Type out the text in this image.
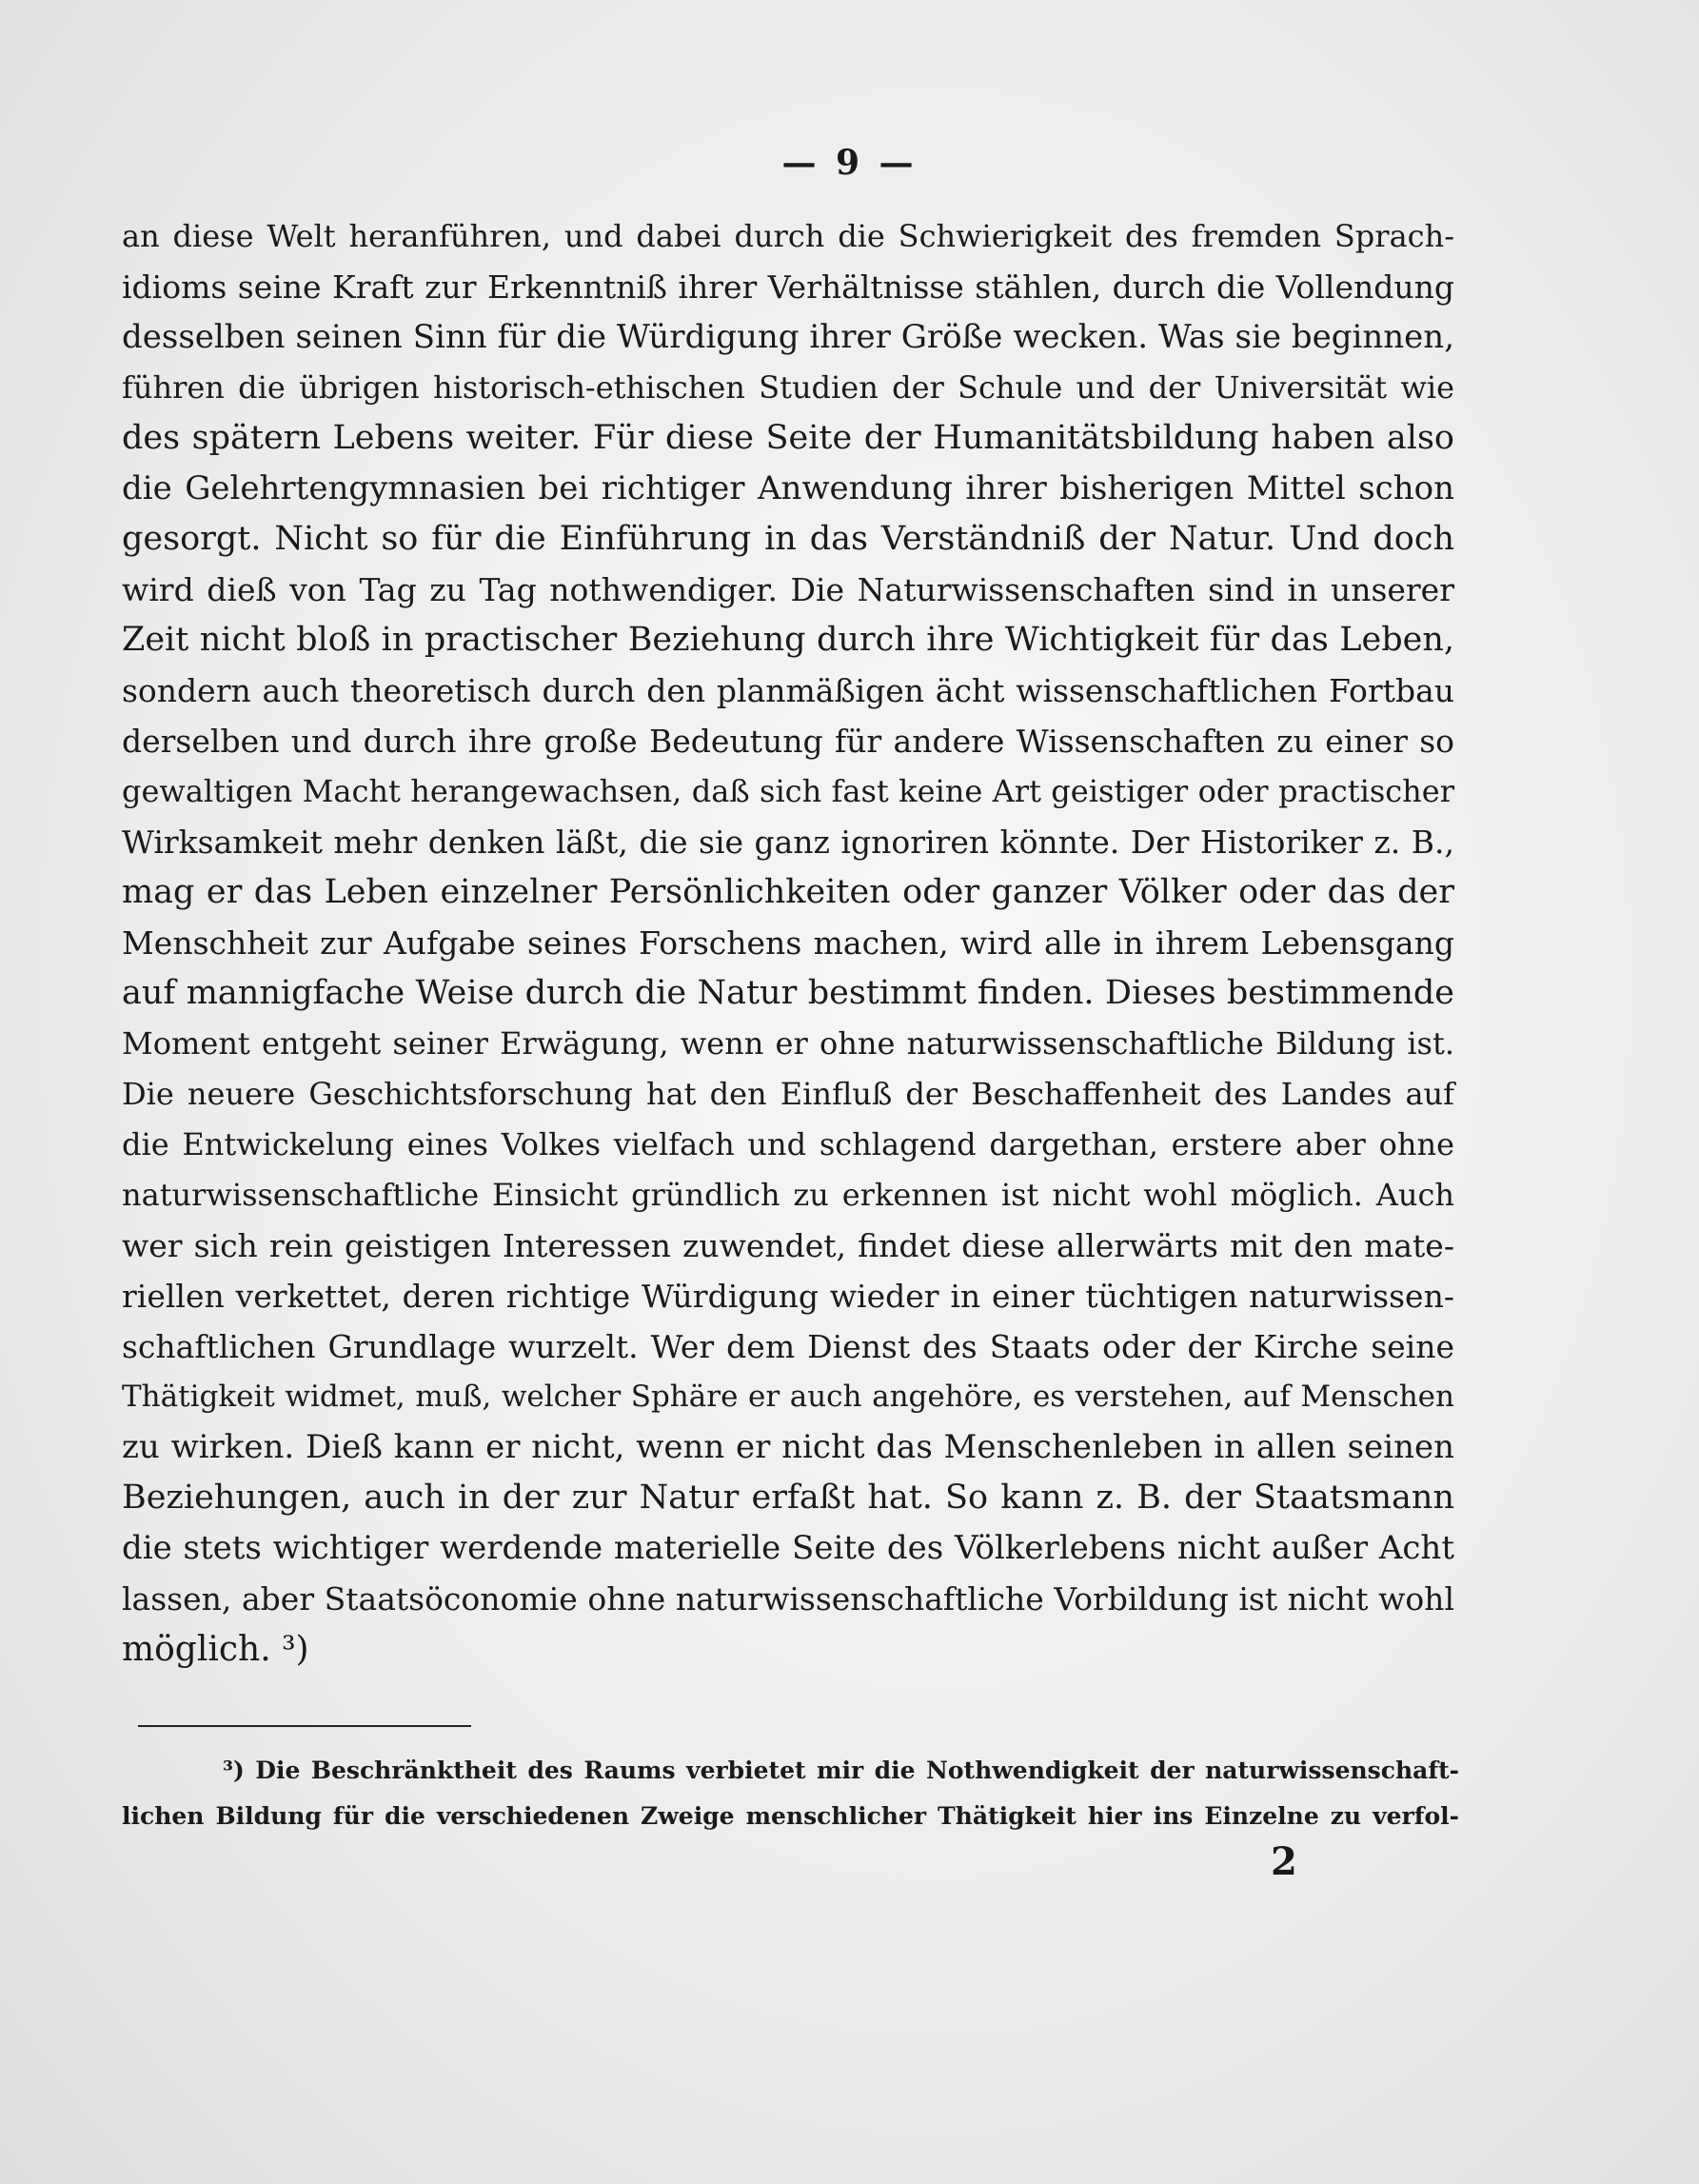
— 9 —
an diese Welt heranführen, und dabei durch die Schwierigkeit des fremden Sprach-
idioms seine Kraft zur Erkenntniß ihrer Verhältnisse stählen, durch die Vollendung
desselben seinen Sinn für die Würdigung ihrer Größe wecken. Was sie beginnen,
führen die übrigen historisch-ethischen Studien der Schule und der Universität wie
des spätern Lebens weiter. Für diese Seite der Humanitätsbildung haben also
die Gelehrtengymnasien bei richtiger Anwendung ihrer bisherigen Mittel schon
gesorgt. Nicht so für die Einführung in das Verständniß der Natur. Und doch
wird dieß von Tag zu Tag nothwendiger. Die Naturwissenschaften sind in unserer
Zeit nicht bloß in practischer Beziehung durch ihre Wichtigkeit für das Leben,
sondern auch theoretisch durch den planmäßigen ächt wissenschaftlichen Fortbau
derselben und durch ihre große Bedeutung für andere Wissenschaften zu einer so
gewaltigen Macht herangewachsen, daß sich fast keine Art geistiger oder practischer
Wirksamkeit mehr denken läßt, die sie ganz ignoriren könnte. Der Historiker z. B.,
mag er das Leben einzelner Persönlichkeiten oder ganzer Völker oder das der
Menschheit zur Aufgabe seines Forschens machen, wird alle in ihrem Lebensgang
auf mannigfache Weise durch die Natur bestimmt finden. Dieses bestimmende
Moment entgeht seiner Erwägung, wenn er ohne naturwissenschaftliche Bildung ist.
Die neuere Geschichtsforschung hat den Einfluß der Beschaffenheit des Landes auf
die Entwickelung eines Volkes vielfach und schlagend dargethan, erstere aber ohne
naturwissenschaftliche Einsicht gründlich zu erkennen ist nicht wohl möglich. Auch
wer sich rein geistigen Interessen zuwendet, findet diese allerwärts mit den mate-
riellen verkettet, deren richtige Würdigung wieder in einer tüchtigen naturwissen-
schaftlichen Grundlage wurzelt. Wer dem Dienst des Staats oder der Kirche seine
Thätigkeit widmet, muß, welcher Sphäre er auch angehöre, es verstehen, auf Menschen
zu wirken. Dieß kann er nicht, wenn er nicht das Menschenleben in allen seinen
Beziehungen, auch in der zur Natur erfaßt hat. So kann z. B. der Staatsmann
die stets wichtiger werdende materielle Seite des Völkerlebens nicht außer Acht
lassen, aber Staatsöconomie ohne naturwissenschaftliche Vorbildung ist nicht wohl
möglich. ³)
³) Die Beschränktheit des Raums verbietet mir die Nothwendigkeit der naturwissenschaft-
lichen Bildung für die verschiedenen Zweige menschlicher Thätigkeit hier ins Einzelne zu verfol-
2
